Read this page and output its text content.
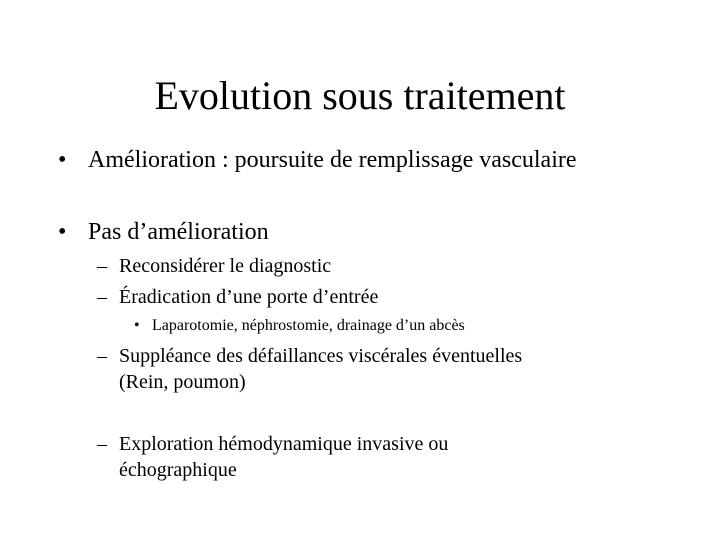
Evolution sous traitement
• Amélioration : poursuite de remplissage vasculaire
• Pas d’amélioration
– Reconsidérer le diagnostic
– Éradication d’une porte d’entrée
• Laparotomie, néphrostomie, drainage d’un abcès
– Suppléance des défaillances viscérales éventuelles
(Rein, poumon)
– Exploration hémodynamique invasive ou
échographique
